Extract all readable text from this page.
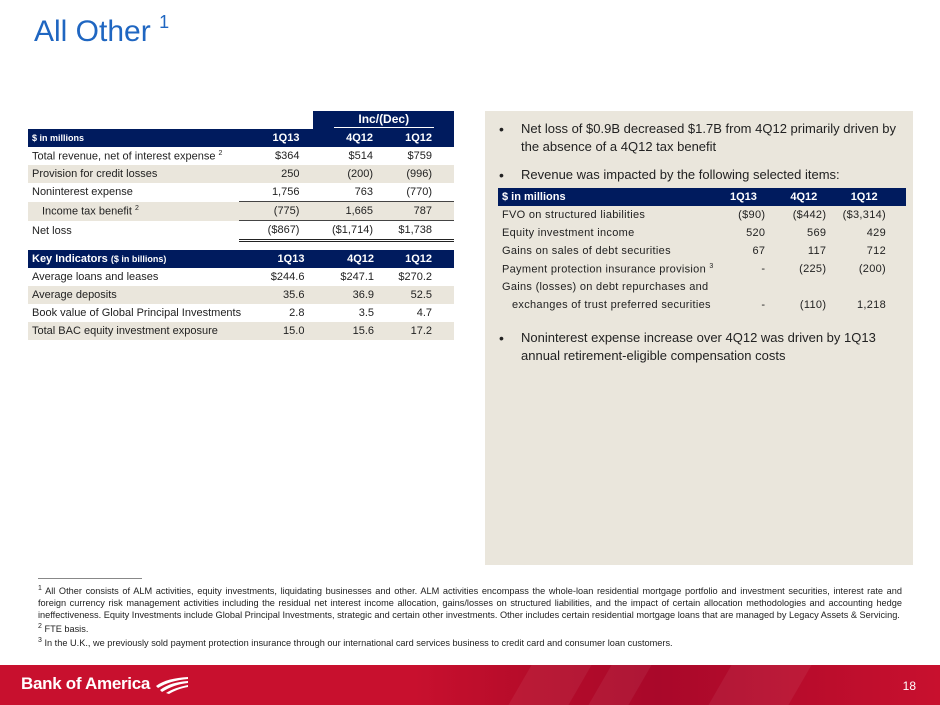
All Other $^1$
		Inc/(Dec)	
$ in millions	1Q13	4Q12	1Q12
Total revenue, net of interest expense $^2$	$364	$514	$759
Provision for credit losses	250	(200)	(996)
Noninterest expense	1,756	763	(770)
Income tax benefit $^2$	(775)	1,665	787
Net loss	($867)	($1,714)	$1,738
Key Indicators ($ in billions)	1Q13	4Q12	1Q12
Average loans and leases	$244.6	$247.1	$270.2
Average deposits	35.6	36.9	52.5
Book value of Global Principal Investments	2.8	3.5	4.7
Total BAC equity investment exposure	15.0	15.6	17.2
• Net loss of $0.9B decreased $1.7B from 4Q12 primarily driven by the absence of a 4Q12 tax benefit
• Revenue was impacted by the following selected items:
$ in millions	1Q13	4Q12	1Q12
FVO on structured liabilities	($90)	($442)	($3,314)
Equity investment income	520	569	429
Gains on sales of debt securities	67	117	712
Payment protection insurance provision $^3$	-	(225)	(200)
Gains (losses) on debt repurchases and			
exchanges of trust preferred securities	-	(110)	1,218
• Noninterest expense increase over 4Q12 was driven by 1Q13 annual retirement-eligible compensation costs

$^1$ All Other consists of ALM activities, equity investments, liquidating businesses and other. ALM activities encompass the whole-loan residential mortgage portfolio and investment securities, interest rate and foreign currency risk management activities including the residual net interest income allocation, gains/losses on structured liabilities, and the impact of certain allocation methodologies and accounting hedge ineffectiveness. Equity Investments include Global Principal Investments, strategic and certain other investments. Other includes certain residential mortgage loans that are managed by Legacy Assets & Servicing.

$^2$ FTE basis.

$^3$ In the U.K., we previously sold payment protection insurance through our international card services business to credit card and consumer loan customers.

Bank of America	18
